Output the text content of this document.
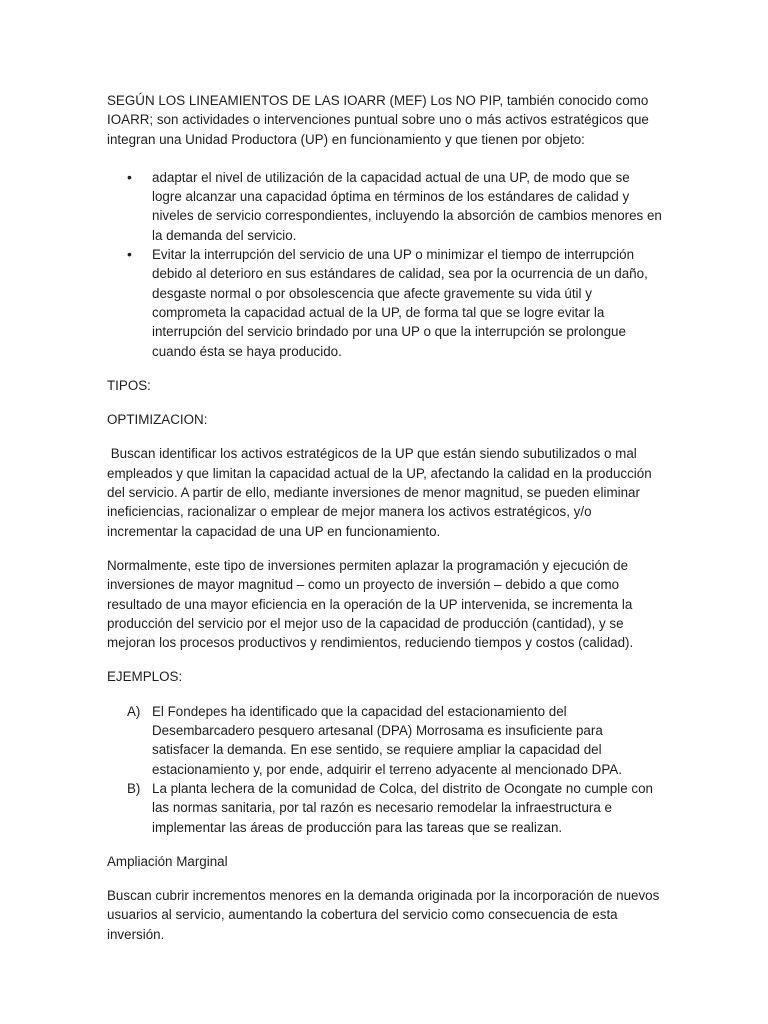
SEGÚN LOS LINEAMIENTOS DE LAS IOARR (MEF) Los NO PIP, también conocido como IOARR; son actividades o intervenciones puntual sobre uno o más activos estratégicos que integran una Unidad Productora (UP) en funcionamiento y que tienen por objeto:

• adaptar el nivel de utilización de la capacidad actual de una UP, de modo que se logre alcanzar una capacidad óptima en términos de los estándares de calidad y niveles de servicio correspondientes, incluyendo la absorción de cambios menores en la demanda del servicio.
• Evitar la interrupción del servicio de una UP o minimizar el tiempo de interrupción debido al deterioro en sus estándares de calidad, sea por la ocurrencia de un daño, desgaste normal o por obsolescencia que afecte gravemente su vida útil y comprometa la capacidad actual de la UP, de forma tal que se logre evitar la interrupción del servicio brindado por una UP o que la interrupción se prolongue cuando ésta se haya producido.

TIPOS:

OPTIMIZACION:

Buscan identificar los activos estratégicos de la UP que están siendo subutilizados o mal empleados y que limitan la capacidad actual de la UP, afectando la calidad en la producción del servicio. A partir de ello, mediante inversiones de menor magnitud, se pueden eliminar ineficiencias, racionalizar o emplear de mejor manera los activos estratégicos, y/o incrementar la capacidad de una UP en funcionamiento.

Normalmente, este tipo de inversiones permiten aplazar la programación y ejecución de inversiones de mayor magnitud – como un proyecto de inversión – debido a que como resultado de una mayor eficiencia en la operación de la UP intervenida, se incrementa la producción del servicio por el mejor uso de la capacidad de producción (cantidad), y se mejoran los procesos productivos y rendimientos, reduciendo tiempos y costos (calidad).

EJEMPLOS:

A) El Fondepes ha identificado que la capacidad del estacionamiento del Desembarcadero pesquero artesanal (DPA) Morrosama es insuficiente para satisfacer la demanda. En ese sentido, se requiere ampliar la capacidad del estacionamiento y, por ende, adquirir el terreno adyacente al mencionado DPA.
B) La planta lechera de la comunidad de Colca, del distrito de Ocongate no cumple con las normas sanitaria, por tal razón es necesario remodelar la infraestructura e implementar las áreas de producción para las tareas que se realizan.

Ampliación Marginal

Buscan cubrir incrementos menores en la demanda originada por la incorporación de nuevos usuarios al servicio, aumentando la cobertura del servicio como consecuencia de esta inversión.
